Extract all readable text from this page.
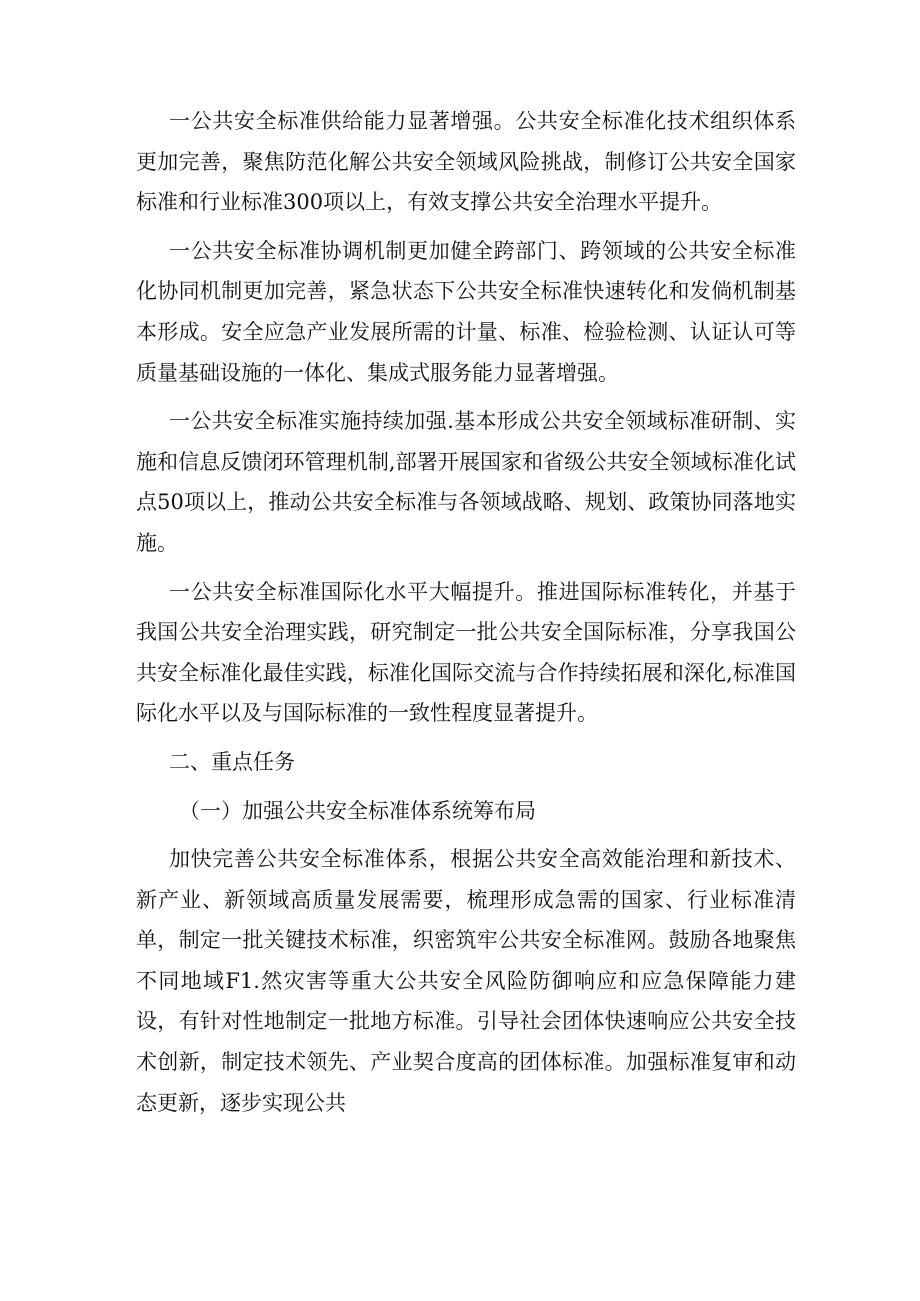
一公共安全标准供给能力显著增强。公共安全标准化技术组织体系更加完善，聚焦防范化解公共安全领域风险挑战，制修订公共安全国家标准和行业标准300项以上，有效支撑公共安全治理水平提升。

一公共安全标准协调机制更加健全跨部门、跨领域的公共安全标准化协同机制更加完善，紧急状态下公共安全标准快速转化和发倘机制基本形成。安全应急产业发展所需的计量、标准、检验检测、认证认可等质量基础设施的一体化、集成式服务能力显著增强。

一公共安全标准实施持续加强.基本形成公共安全领域标准研制、实施和信息反馈闭环管理机制,部署开展国家和省级公共安全领域标准化试点50项以上，推动公共安全标准与各领域战略、规划、政策协同落地实施。

一公共安全标准国际化水平大幅提升。推进国际标准转化，并基于我国公共安全治理实践，研究制定一批公共安全国际标准，分享我国公共安全标准化最佳实践，标准化国际交流与合作持续拓展和深化,标准国际化水平以及与国际标准的一致性程度显著提升。

二、重点任务

（一）加强公共安全标准体系统筹布局

加快完善公共安全标准体系，根据公共安全高效能治理和新技术、新产业、新领域高质量发展需要，梳理形成急需的国家、行业标准清单，制定一批关键技术标准，织密筑牢公共安全标准网。鼓励各地聚焦不同地域F1.然灾害等重大公共安全风险防御响应和应急保障能力建设，有针对性地制定一批地方标准。引导社会团体快速响应公共安全技术创新，制定技术领先、产业契合度高的团体标准。加强标准复审和动态更新，逐步实现公共
